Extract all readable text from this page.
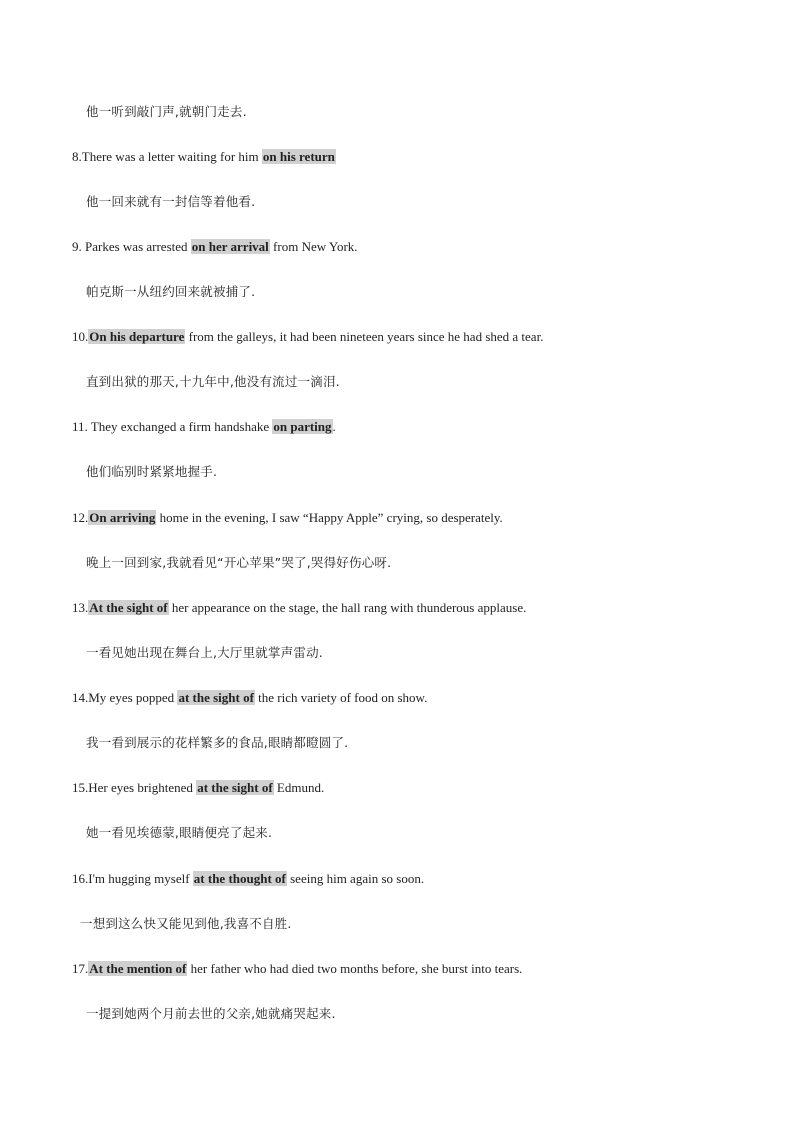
他一听到敲门声,就朝门走去.
8.There was a letter waiting for him on his return
他一回来就有一封信等着他看.
9. Parkes was arrested on her arrival from New York.
帕克斯一从纽约回来就被捕了.
10.On his departure from the galleys, it had been nineteen years since he had shed a tear.
直到出狱的那天,十九年中,他没有流过一滴泪.
11. They exchanged a firm handshake on parting.
他们临别时紧紧地握手.
12.On arriving home in the evening, I saw “Happy Apple” crying, so desperately.
晚上一回到家,我就看见“开心苹果”哭了,哭得好伤心呀.
13.At the sight of her appearance on the stage, the hall rang with thunderous applause.
一看见她出现在舞台上,大厅里就掌声雷动.
14.My eyes popped at the sight of the rich variety of food on show.
我一看到展示的花样繁多的食品,眼睛都瞪圆了.
15.Her eyes brightened at the sight of Edmund.
她一看见埃德蒙,眼睛便亮了起来.
16.I'm hugging myself at the thought of seeing him again so soon.
一想到这么快又能见到他,我喜不自胜.
17.At the mention of her father who had died two months before, she burst into tears.
一提到她两个月前去世的父亲,她就痛哭起来.
